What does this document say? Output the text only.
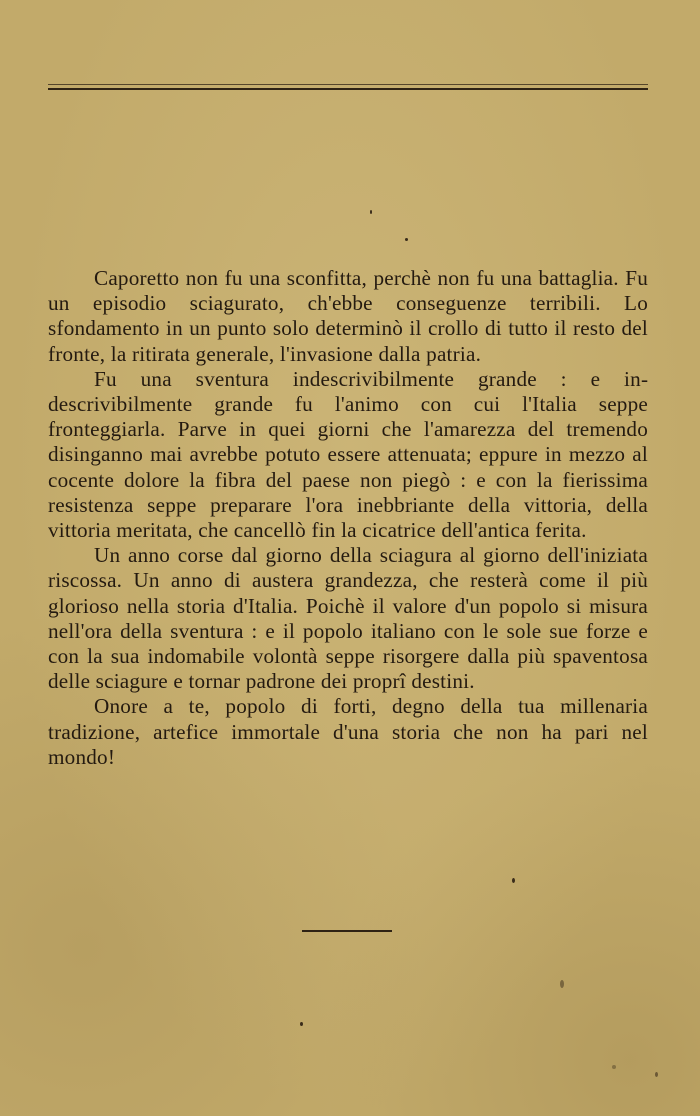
Caporetto non fu una sconfitta, perchè non fu una battaglia. Fu un episodio sciagurato, ch'ebbe conseguenze terribili. Lo sfondamento in un punto solo determinò il crollo di tutto il resto del fronte, la ritirata generale, l'invasione dalla patria.

Fu una sventura indescrivibilmente grande : e indescrivibilmente grande fu l'animo con cui l'Italia seppe fronteggiarla. Parve in quei giorni che l'amarezza del tremendo disinganno mai avrebbe potuto essere attenuata; eppure in mezzo al cocente dolore la fibra del paese non piegò : e con la fierissima resistenza seppe preparare l'ora inebbriante della vittoria, della vittoria meritata, che cancellò fin la cicatrice dell'antica ferita.

Un anno corse dal giorno della sciagura al giorno dell'iniziata riscossa. Un anno di austera grandezza, che resterà come il più glorioso nella storia d'Italia. Poichè il valore d'un popolo si misura nell'ora della sventura : e il popolo italiano con le sole sue forze e con la sua indomabile volontà seppe risorgere dalla più spaventosa delle sciagure e tornar padrone dei proprî destini.

Onore a te, popolo di forti, degno della tua millenaria tradizione, artefice immortale d'una storia che non ha pari nel mondo!
